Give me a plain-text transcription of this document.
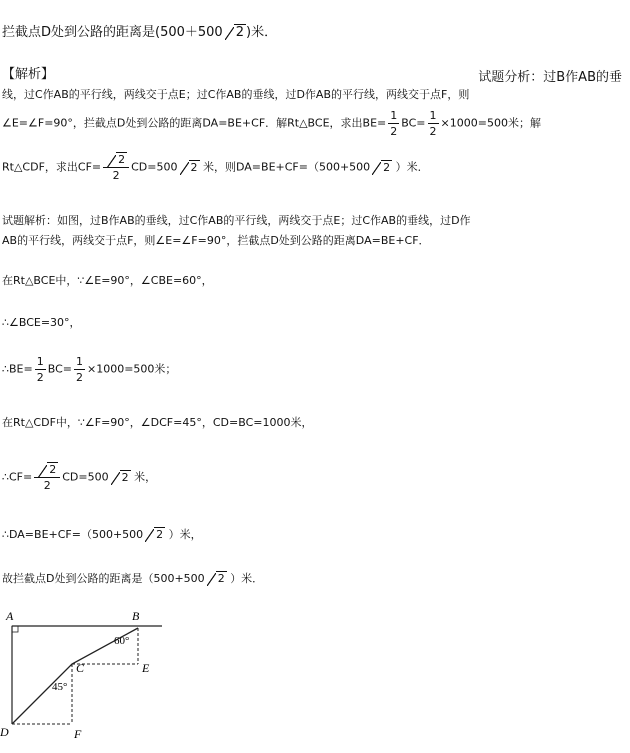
拦截点D处到公路的距离是(500＋500 2 )米．
【解析】	试题分析：过B作AB的垂
线，过C作AB的平行线，两线交于点E；过C作AB的垂线，过D作AB的平行线，两线交于点F，则
∠E=∠F=90°，拦截点D处到公路的距离DA=BE+CF．解Rt△BCE，求出$BE= \frac{1}{2} BC= \frac{1}{2} \times 1000=500$米；解
Rt△CDF，求出$CF= \frac{2}{2} CD=500$ 2 米，则DA=BE+CF=（500+500 2 ）米．
试题解析：如图，过B作AB的垂线，过C作AB的平行线，两线交于点E；过C作AB的垂线，过D作
AB的平行线，两线交于点F，则∠E=∠F=90°，拦截点D处到公路的距离DA=BE+CF．
在Rt△BCE中，∵∠E=90°，∠CBE=60°，
∴∠BCE=30°，
∴BE= $\frac{1}{2} BC= \frac{1}{2} \times 1000=500$米；
在Rt△CDF中，∵∠F=90°，∠DCF=45°，CD=BC=1000米，
∴CF= $\frac{2}{2} CD=500$ 2 米，
∴DA=BE+CF=（500+500 2 ）米，
故拦截点D处到公路的距离是（500+500 2 ）米．
A	B
C
D
E
F
60°
45°
